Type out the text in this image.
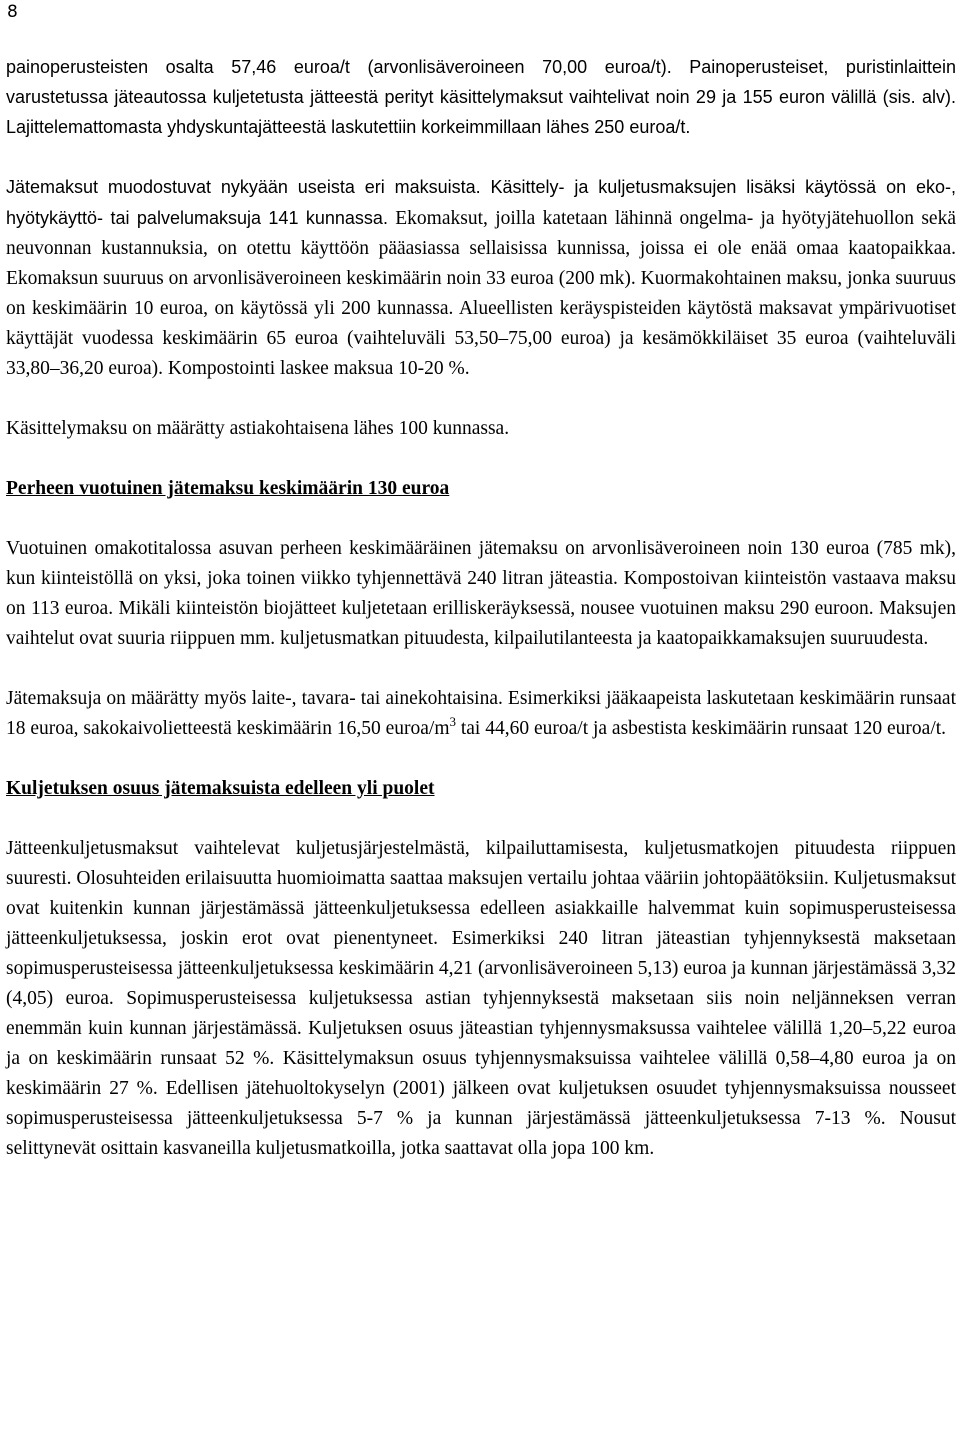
8

painoperusteisten osalta 57,46 euroa/t (arvonlisäveroineen 70,00 euroa/t). Painoperusteiset, puristinlaittein varustetussa jäteautossa kuljetetusta jätteestä perityt käsittelymaksut vaihtelivat noin 29 ja 155 euron välillä (sis. alv). Lajittelemattomasta yhdyskuntajätteestä laskutettiin korkeimmillaan lähes 250 euroa/t.

Jätemaksut muodostuvat nykyään useista eri maksuista. Käsittely- ja kuljetusmaksujen lisäksi käytössä on eko-, hyötykäyttö- tai palvelumaksuja 141 kunnassa. Ekomaksut, joilla katetaan lähinnä ongelma- ja hyötyjätehuollon sekä neuvonnan kustannuksia, on otettu käyttöön pääasiassa sellaisissa kunnissa, joissa ei ole enää omaa kaatopaikkaa. Ekomaksun suuruus on arvonlisäveroineen keskimäärin noin 33 euroa (200 mk). Kuormakohtainen maksu, jonka suuruus on keskimäärin 10 euroa, on käytössä yli 200 kunnassa. Alueellisten keräyspisteiden käytöstä maksavat ympärivuotiset käyttäjät vuodessa keskimäärin 65 euroa (vaihteluväli 53,50–75,00 euroa) ja kesämökkiläiset 35 euroa (vaihteluväli 33,80–36,20 euroa). Kompostointi laskee maksua 10-20 %.

Käsittelymaksu on määrätty astiakohtaisena lähes 100 kunnassa.

Perheen vuotuinen jätemaksu keskimäärin 130 euroa

Vuotuinen omakotitalossa asuvan perheen keskimääräinen jätemaksu on arvonlisäveroineen noin 130 euroa (785 mk), kun kiinteistöllä on yksi, joka toinen viikko tyhjennettävä 240 litran jäteastia. Kompostoivan kiinteistön vastaava maksu on 113 euroa. Mikäli kiinteistön biojätteet kuljetetaan erilliskeräyksessä, nousee vuotuinen maksu 290 euroon. Maksujen vaihtelut ovat suuria riippuen mm. kuljetusmatkan pituudesta, kilpailutilanteesta ja kaatopaikkamaksujen suuruudesta.

Jätemaksuja on määrätty myös laite-, tavara- tai ainekohtaisina. Esimerkiksi jääkaapeista laskutetaan keskimäärin runsaat 18 euroa, sakokaivolietteestä keskimäärin 16,50 euroa/$m^3$ tai 44,60 euroa/t ja asbestista keskimäärin runsaat 120 euroa/t.

Kuljetuksen osuus jätemaksuista edelleen yli puolet

Jätteenkuljetusmaksut vaihtelevat kuljetusjärjestelmästä, kilpailuttamisesta, kuljetusmatkojen pituudesta riippuen suuresti. Olosuhteiden erilaisuutta huomioimatta saattaa maksujen vertailu johtaa vääriin johtopäätöksiin. Kuljetusmaksut ovat kuitenkin kunnan järjestämässä jätteenkuljetuksessa edelleen asiakkaille halvemmat kuin sopimusperusteisessa jätteenkuljetuksessa, joskin erot ovat pienentyneet. Esimerkiksi 240 litran jäteastian tyhjennyksestä maksetaan sopimusperusteisessa jätteenkuljetuksessa keskimäärin 4,21 (arvonlisäveroineen 5,13) euroa ja kunnan järjestämässä 3,32 (4,05) euroa. Sopimusperusteisessa kuljetuksessa astian tyhjennyksestä maksetaan siis noin neljänneksen verran enemmän kuin kunnan järjestämässä. Kuljetuksen osuus jäteastian tyhjennysmaksussa vaihtelee välillä 1,20–5,22 euroa ja on keskimäärin runsaat 52 %. Käsittelymaksun osuus tyhjennysmaksuissa vaihtelee välillä 0,58–4,80 euroa ja on keskimäärin 27 %. Edellisen jätehuoltokyselyn (2001) jälkeen ovat kuljetuksen osuudet tyhjennysmaksuissa nousseet sopimusperusteisessa jätteenkuljetuksessa 5-7 % ja kunnan järjestämässä jätteenkuljetuksessa 7-13 %. Nousut selittynevät osittain kasvaneilla kuljetusmatkoilla, jotka saattavat olla jopa 100 km.
